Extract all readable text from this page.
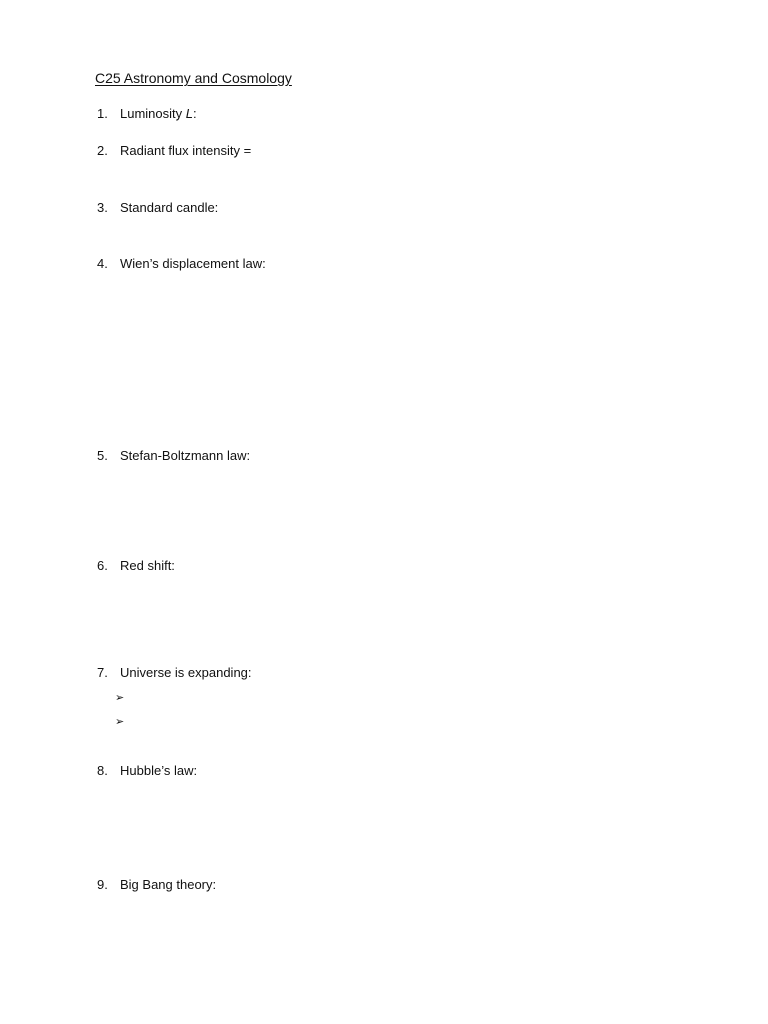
C25 Astronomy and Cosmology
1. Luminosity L:
2. Radiant flux intensity =
3. Standard candle:
4. Wien’s displacement law:
5. Stefan-Boltzmann law:
6. Red shift:
7. Universe is expanding:
➢
➢
8. Hubble’s law:
9. Big Bang theory:
